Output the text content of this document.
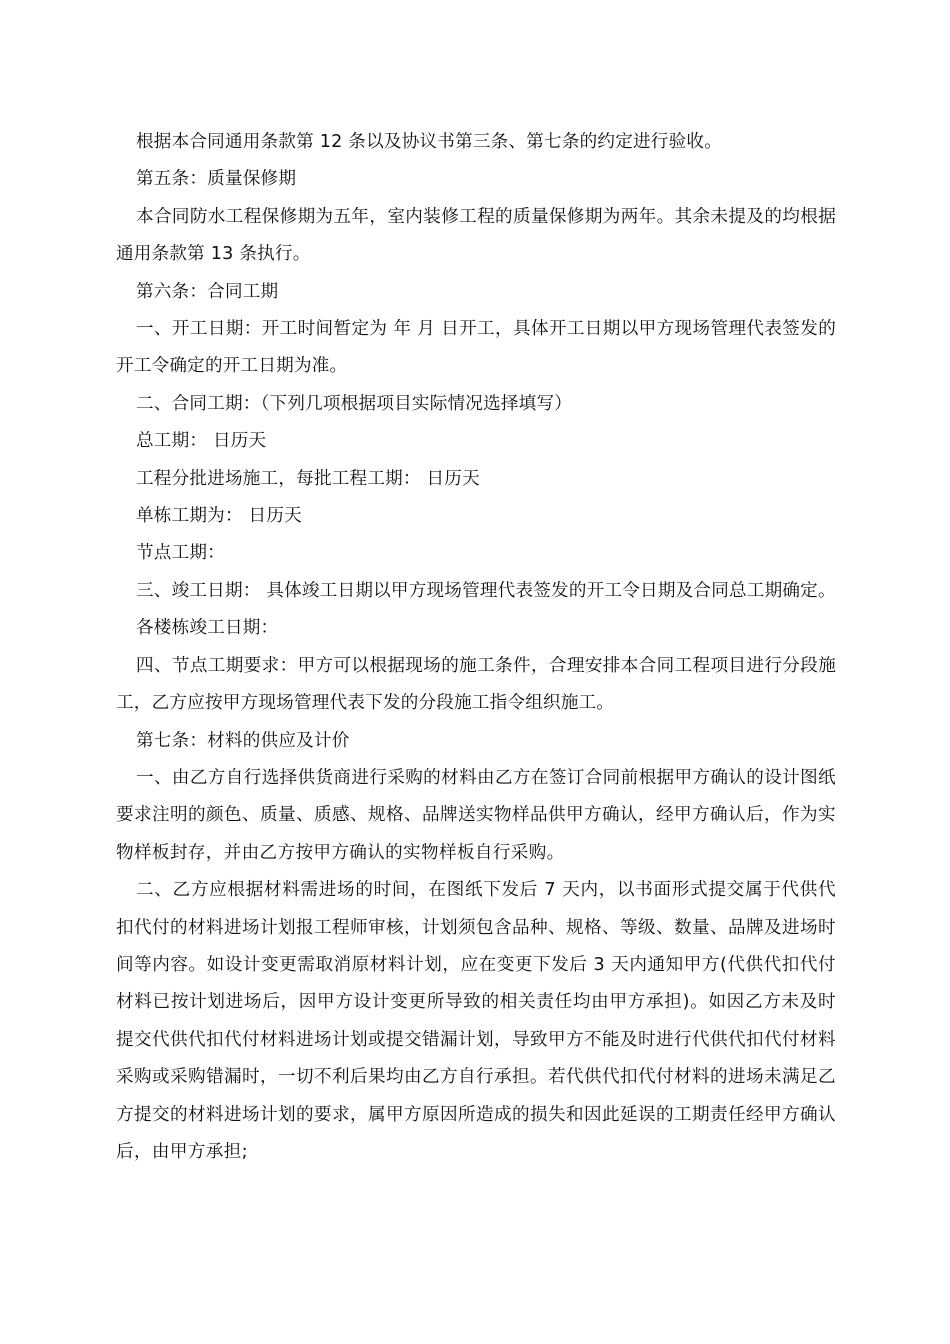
根据本合同通用条款第 12 条以及协议书第三条、第七条的约定进行验收。

第五条：质量保修期

本合同防水工程保修期为五年，室内装修工程的质量保修期为两年。其余未提及的均根据通用条款第 13 条执行。

第六条：合同工期

一、开工日期：开工时间暂定为 年 月 日开工，具体开工日期以甲方现场管理代表签发的开工令确定的开工日期为准。

二、合同工期：（下列几项根据项目实际情况选择填写）

总工期： 日历天

工程分批进场施工，每批工程工期： 日历天

单栋工期为： 日历天

节点工期：

三、竣工日期： 具体竣工日期以甲方现场管理代表签发的开工令日期及合同总工期确定。

各楼栋竣工日期：

四、节点工期要求：甲方可以根据现场的施工条件，合理安排本合同工程项目进行分段施工，乙方应按甲方现场管理代表下发的分段施工指令组织施工。

第七条：材料的供应及计价

一、由乙方自行选择供货商进行采购的材料由乙方在签订合同前根据甲方确认的设计图纸要求注明的颜色、质量、质感、规格、品牌送实物样品供甲方确认，经甲方确认后，作为实物样板封存，并由乙方按甲方确认的实物样板自行采购。

二、乙方应根据材料需进场的时间，在图纸下发后 7 天内，以书面形式提交属于代供代扣代付的材料进场计划报工程师审核，计划须包含品种、规格、等级、数量、品牌及进场时间等内容。如设计变更需取消原材料计划，应在变更下发后 3 天内通知甲方(代供代扣代付材料已按计划进场后，因甲方设计变更所导致的相关责任均由甲方承担)。如因乙方未及时提交代供代扣代付材料进场计划或提交错漏计划，导致甲方不能及时进行代供代扣代付材料采购或采购错漏时，一切不利后果均由乙方自行承担。若代供代扣代付材料的进场未满足乙方提交的材料进场计划的要求，属甲方原因所造成的损失和因此延误的工期责任经甲方确认后，由甲方承担;
